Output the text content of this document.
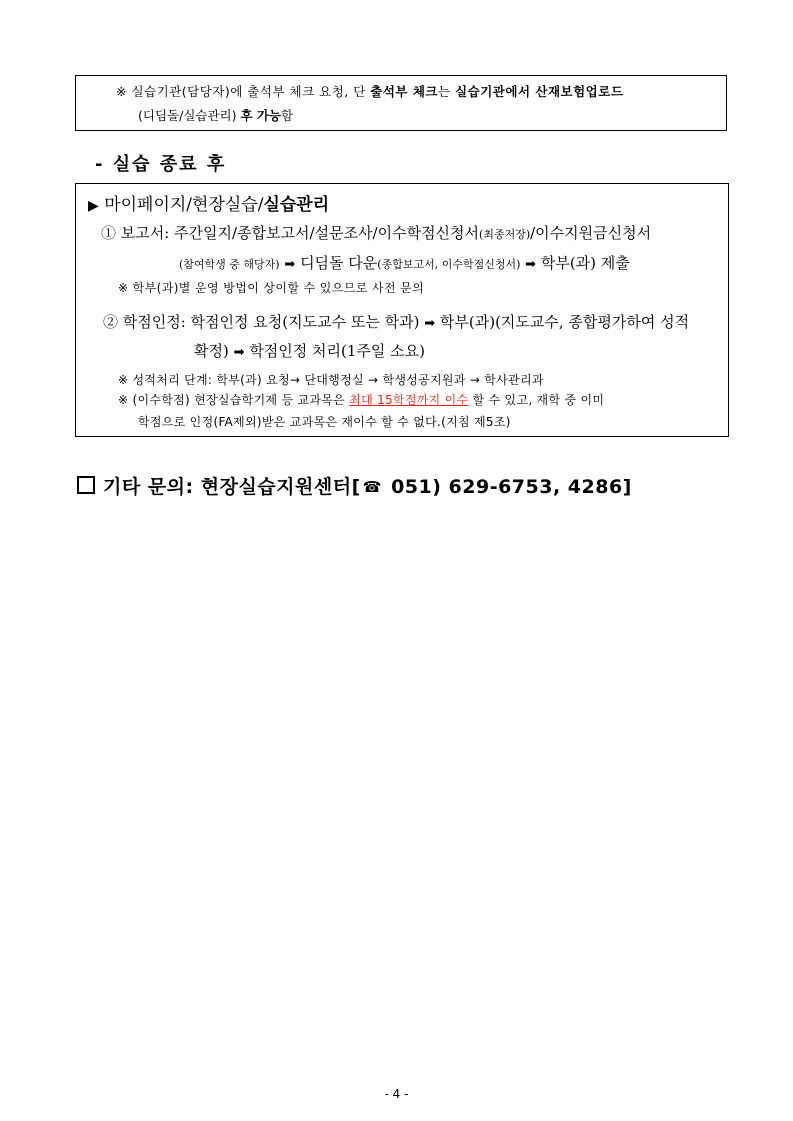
※ 실습기관(담당자)에 출석부 체크 요청, 단 출석부 체크는 실습기관에서 산재보험업로드
(디딤돌/실습관리) 후 가능함
- 실습 종료 후
▶ 마이페이지/현장실습/실습관리
① 보고서: 주간일지/종합보고서/설문조사/이수학점신청서(최종저장)/이수지원금신청서
(참여학생 중 해당자) ➡ 디딤돌 다운(종합보고서, 이수학점신청서) ➡ 학부(과) 제출
※ 학부(과)별 운영 방법이 상이할 수 있으므로 사전 문의
② 학점인정: 학점인정 요청(지도교수 또는 학과) ➡ 학부(과)(지도교수, 종합평가하여 성적
확정) ➡ 학점인정 처리(1주일 소요)
※ 성적처리 단계: 학부(과) 요청→ 단대행정실 → 학생성공지원과 → 학사관리과
※ (이수학점) 현장실습학기제 등 교과목은 최대 15학점까지 이수 할 수 있고, 재학 중 이미
학점으로 인정(FA제외)받은 교과목은 재이수 할 수 없다.(지침 제5조)
기타 문의: 현장실습지원센터[ ☎ 051) 629-6753, 4286]
- 4 -
